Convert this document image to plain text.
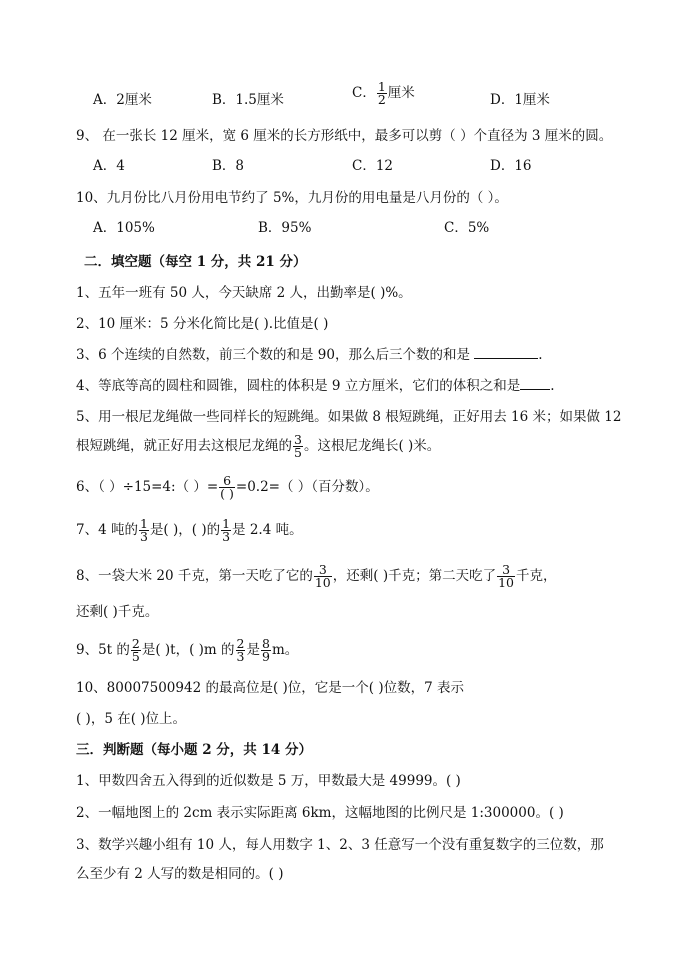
A．2厘米	B．1.5厘米	C． $\frac{1}{2}$ 厘米	D．1厘米
9、 在一张长 12 厘米，宽 6 厘米的长方形纸中，最多可以剪（ ）个直径为 3 厘米的圆。
A．4	B．8	C．12	D．16
10、九月份比八月份用电节约了 5%，九月份的用电量是八月份的（ ）。
A．105%	B．95%	C．5%
二．填空题（每空 1 分，共 21 分）
1、五年一班有 50 人，今天缺席 2 人，出勤率是( )%。
2、10 厘米：5 分米化简比是( ).比值是( )
3、6 个连续的自然数，前三个数的和是 90，那么后三个数的和是	.
4、等底等高的圆柱和圆锥，圆柱的体积是 9 立方厘米，它们的体积之和是 .
5、用一根尼龙绳做一些同样长的短跳绳。如果做 8 根短跳绳，正好用去 16 米；如果做 12
根短跳绳，就正好用去这根尼龙绳的 $\frac{3}{5}$ 。这根尼龙绳长( )米。
6、（ ）÷15=4:（ ）= 6
( ) =0.2=（ ）（百分数）。
7、4 吨的 $\frac{1}{3}$ 是( )，( )的 $\frac{1}{3}$ 是 2.4 吨。
8、一袋大米 20 千克，第一天吃了它的 $\frac{3}{10}$ ，还剩( )千克；第二天吃了 $\frac{3}{10}$ 千克，
还剩( )千克。
9、5t 的 $\frac{2}{5}$ 是( )t，( )m 的 $\frac{2}{3}$ 是 $\frac{8}{9}$ m。
10、80007500942 的最高位是( )位，它是一个( )位数，7 表示
( )，5 在( )位上。
三．判断题（每小题 2 分，共 14 分）
1、甲数四舍五入得到的近似数是 5 万，甲数最大是 49999。( )
2、一幅地图上的 2cm 表示实际距离 6km，这幅地图的比例尺是 1:300000。( )
3、数学兴趣小组有 10 人，每人用数字 1、2、3 任意写一个没有重复数字的三位数，那
么至少有 2 人写的数是相同的。( )
